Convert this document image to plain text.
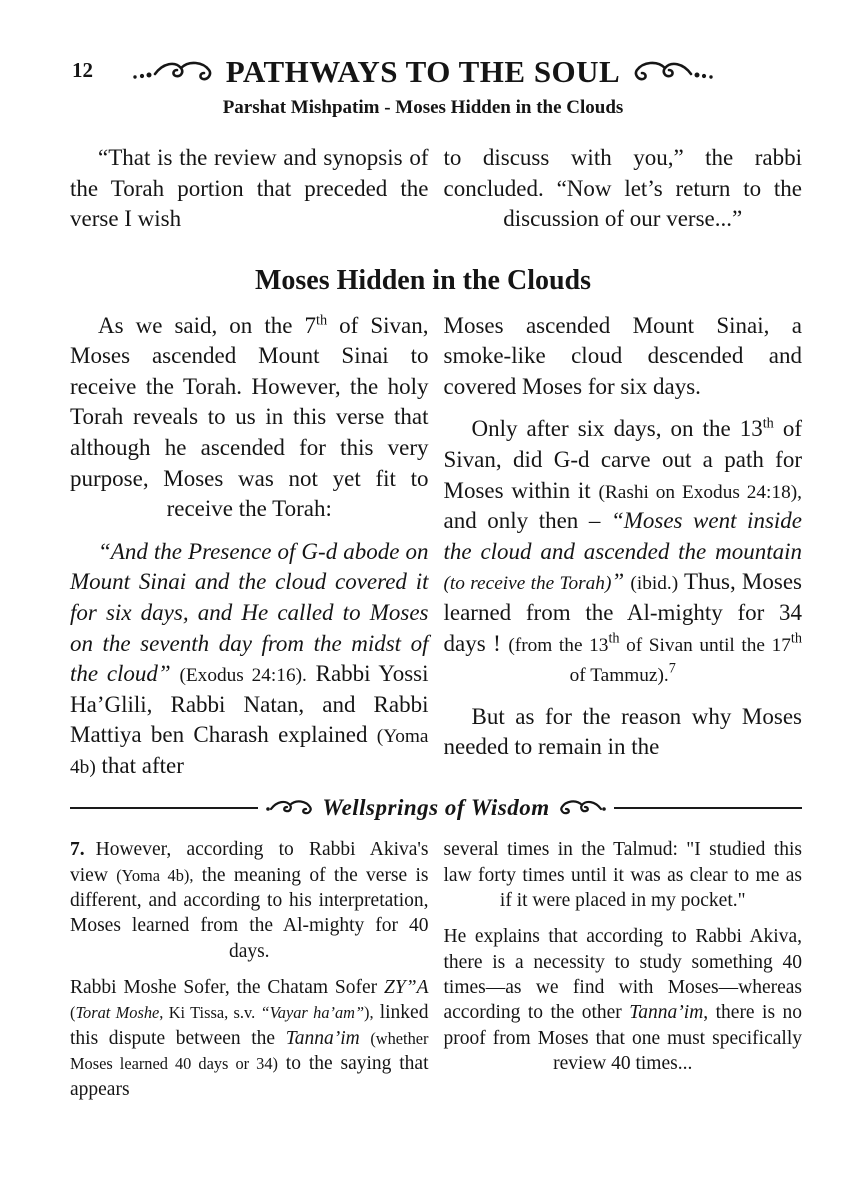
12	PATHWAYS TO THE SOUL
Parshat Mishpatim - Moses Hidden in the Clouds

“That is the review and synopsis of the Torah portion that preceded the verse I wish

to discuss with you,” the rabbi concluded. “Now let’s return to the discussion of our verse...”

Moses Hidden in the Clouds

As we said, on the 7th of Sivan, Moses ascended Mount Sinai to receive the Torah. However, the holy Torah reveals to us in this verse that although he ascended for this very purpose, Moses was not yet fit to receive the Torah:

“And the Presence of G-d abode on Mount Sinai and the cloud covered it for six days, and He called to Moses on the seventh day from the midst of the cloud” (Exodus 24:16). Rabbi Yossi Ha’Glili, Rabbi Natan, and Rabbi Mattiya ben Charash explained (Yoma 4b) that after

Moses ascended Mount Sinai, a smoke-like cloud descended and covered Moses for six days.

Only after six days, on the 13th of Sivan, did G-d carve out a path for Moses within it (Rashi on Exodus 24:18), and only then – “Moses went inside the cloud and ascended the mountain (to receive the Torah)” (ibid.) Thus, Moses learned from the Al-mighty for 34 days ! (from the 13th of Sivan until the 17th of Tammuz).$^7$

But as for the reason why Moses needed to remain in the

Wellsprings of Wisdom

7. However, according to Rabbi Akiva's view (Yoma 4b), the meaning of the verse is different, and according to his interpretation, Moses learned from the Al-mighty for 40 days.

Rabbi Moshe Sofer, the Chatam Sofer ZY”A (Torat Moshe, Ki Tissa, s.v. “Vayar ha’am”), linked this dispute between the Tanna’im (whether Moses learned 40 days or 34) to the saying that appears

several times in the Talmud: "I studied this law forty times until it was as clear to me as if it were placed in my pocket."

He explains that according to Rabbi Akiva, there is a necessity to study something 40 times—as we find with Moses—whereas according to the other Tanna’im, there is no proof from Moses that one must specifically review 40 times...
